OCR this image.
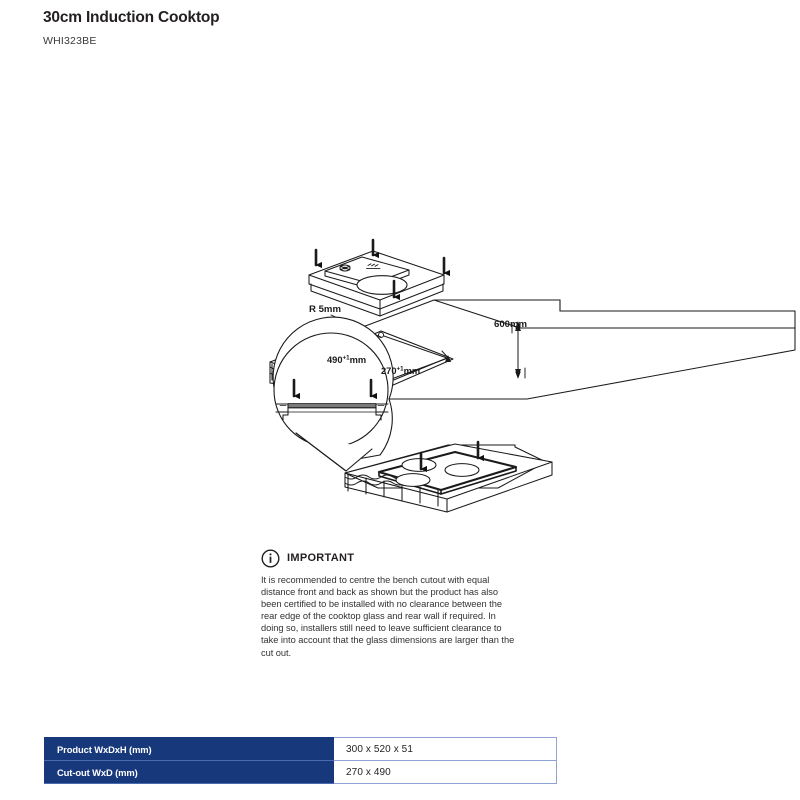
30cm Induction Cooktop
WHI323BE
R 5mm
600mm
$490^{+1}mm$
$270^{+1}mm$
IMPORTANT

It is recommended to centre the bench cutout with equal distance front and back as shown but the product has also been certified to be installed with no clearance between the rear edge of the cooktop glass and rear wall if required. In doing so, installers still need to leave sufficient clearance to take into account that the glass dimensions are larger than the cut out.

Product WxDxH (mm)	300 x 520 x 51
Cut-out WxD (mm)	270 x 490
